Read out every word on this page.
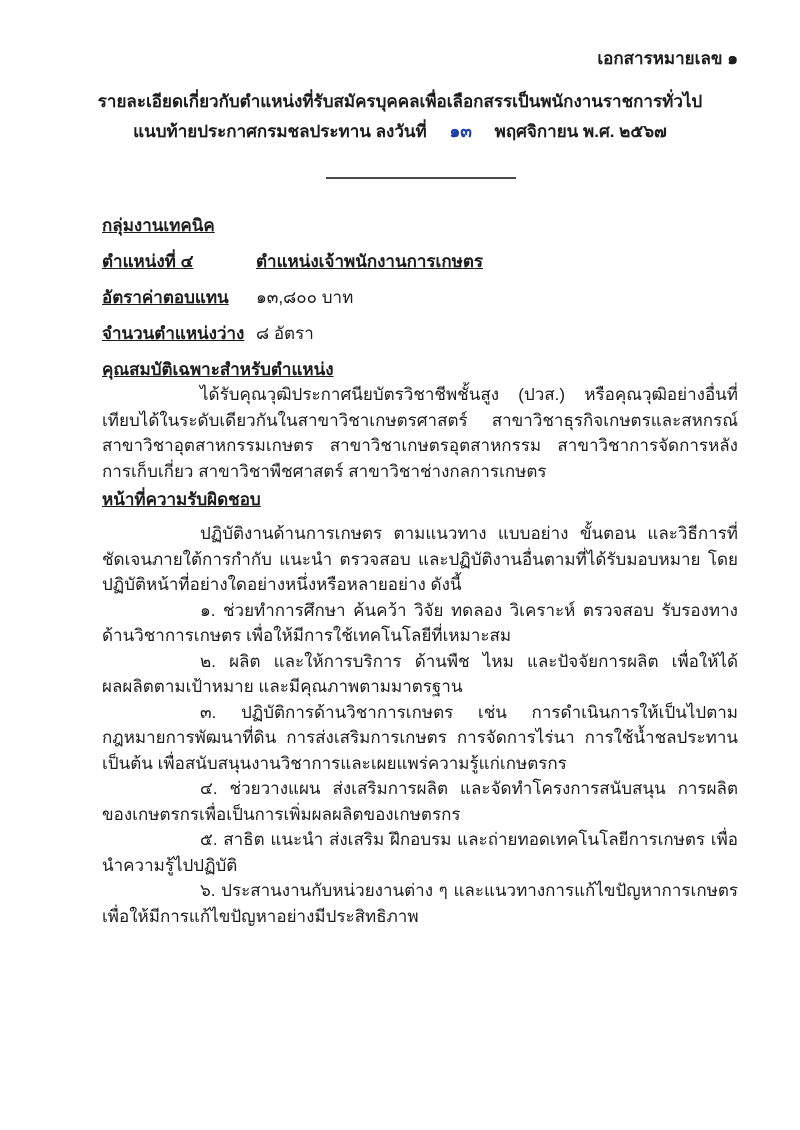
เอกสารหมายเลข ๑
รายละเอียดเกี่ยวกับตำแหน่งที่รับสมัครบุคคลเพื่อเลือกสรรเป็นพนักงานราชการทั่วไป
แนบท้ายประกาศกรมชลประทาน ลงวันที่ ๑๓ พฤศจิกายน พ.ศ. ๒๕๖๗
กลุ่มงานเทคนิค
ตำแหน่งที่ ๔	ตำแหน่งเจ้าพนักงานการเกษตร
อัตราค่าตอบแทน	๑๓,๘๐๐ บาท
จำนวนตำแหน่งว่าง ๘ อัตรา
คุณสมบัติเฉพาะสำหรับตำแหน่ง
ได้รับคุณวุฒิประกาศนียบัตรวิชาชีพชั้นสูง (ปวส.) หรือคุณวุฒิอย่างอื่นที่เทียบได้ในระดับเดียวกันในสาขาวิชาเกษตรศาสตร์ สาขาวิชาธุรกิจเกษตรและสหกรณ์ สาขาวิชาอุตสาหกรรมเกษตร สาขาวิชาเกษตรอุตสาหกรรม สาขาวิชาการจัดการหลังการเก็บเกี่ยว สาขาวิชาพืชศาสตร์ สาขาวิชาช่างกลการเกษตร
หน้าที่ความรับผิดชอบ
ปฏิบัติงานด้านการเกษตร ตามแนวทาง แบบอย่าง ขั้นตอน และวิธีการที่ชัดเจนภายใต้การกำกับ แนะนำ ตรวจสอบ และปฏิบัติงานอื่นตามที่ได้รับมอบหมาย โดยปฏิบัติหน้าที่อย่างใดอย่างหนึ่งหรือหลายอย่าง ดังนี้
๑. ช่วยทำการศึกษา ค้นคว้า วิจัย ทดลอง วิเคราะห์ ตรวจสอบ รับรองทางด้านวิชาการเกษตร เพื่อให้มีการใช้เทคโนโลยีที่เหมาะสม
๒. ผลิต และให้การบริการ ด้านพืช ไหม และปัจจัยการผลิต เพื่อให้ได้ผลผลิตตามเป้าหมาย และมีคุณภาพตามมาตรฐาน
๓. ปฏิบัติการด้านวิชาการเกษตร เช่น การดำเนินการให้เป็นไปตามกฎหมายการพัฒนาที่ดิน การส่งเสริมการเกษตร การจัดการไร่นา การใช้น้ำชลประทาน เป็นต้น เพื่อสนับสนุนงานวิชาการและเผยแพร่ความรู้แก่เกษตรกร
๔. ช่วยวางแผน ส่งเสริมการผลิต และจัดทำโครงการสนับสนุน การผลิตของเกษตรกรเพื่อเป็นการเพิ่มผลผลิตของเกษตรกร
๕. สาธิต แนะนำ ส่งเสริม ฝึกอบรม และถ่ายทอดเทคโนโลยีการเกษตร เพื่อนำความรู้ไปปฏิบัติ
๖. ประสานงานกับหน่วยงานต่าง ๆ และแนวทางการแก้ไขปัญหาการเกษตรเพื่อให้มีการแก้ไขปัญหาอย่างมีประสิทธิภาพ
